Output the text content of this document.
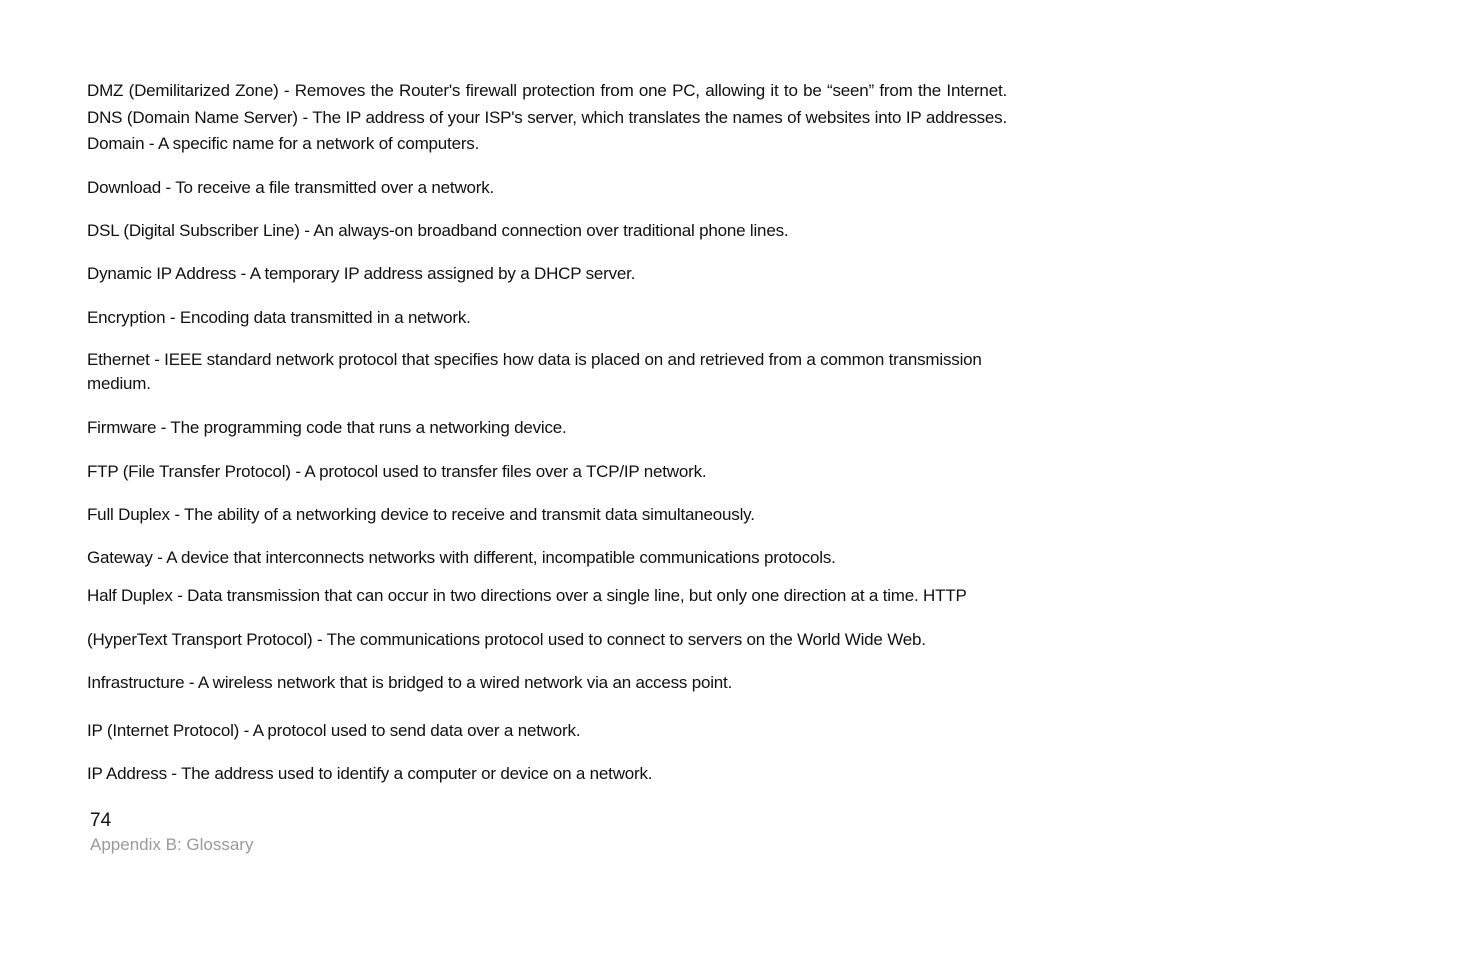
DMZ (Demilitarized Zone) - Removes the Router's firewall protection from one PC, allowing it to be “seen” from the Internet.
DNS (Domain Name Server) - The IP address of your ISP's server, which translates the names of websites into IP addresses.
Domain - A specific name for a network of computers.
Download - To receive a file transmitted over a network.
DSL (Digital Subscriber Line) - An always-on broadband connection over traditional phone lines.
Dynamic IP Address - A temporary IP address assigned by a DHCP server.
Encryption - Encoding data transmitted in a network.
Ethernet - IEEE standard network protocol that specifies how data is placed on and retrieved from a common transmission medium.
Firmware - The programming code that runs a networking device.
FTP (File Transfer Protocol) - A protocol used to transfer files over a TCP/IP network.
Full Duplex - The ability of a networking device to receive and transmit data simultaneously.
Gateway - A device that interconnects networks with different, incompatible communications protocols.
Half Duplex - Data transmission that can occur in two directions over a single line, but only one direction at a time. HTTP
(HyperText Transport Protocol) - The communications protocol used to connect to servers on the World Wide Web.
Infrastructure - A wireless network that is bridged to a wired network via an access point.
IP (Internet Protocol) - A protocol used to send data over a network.
IP Address - The address used to identify a computer or device on a network.
74
Appendix B: Glossary
